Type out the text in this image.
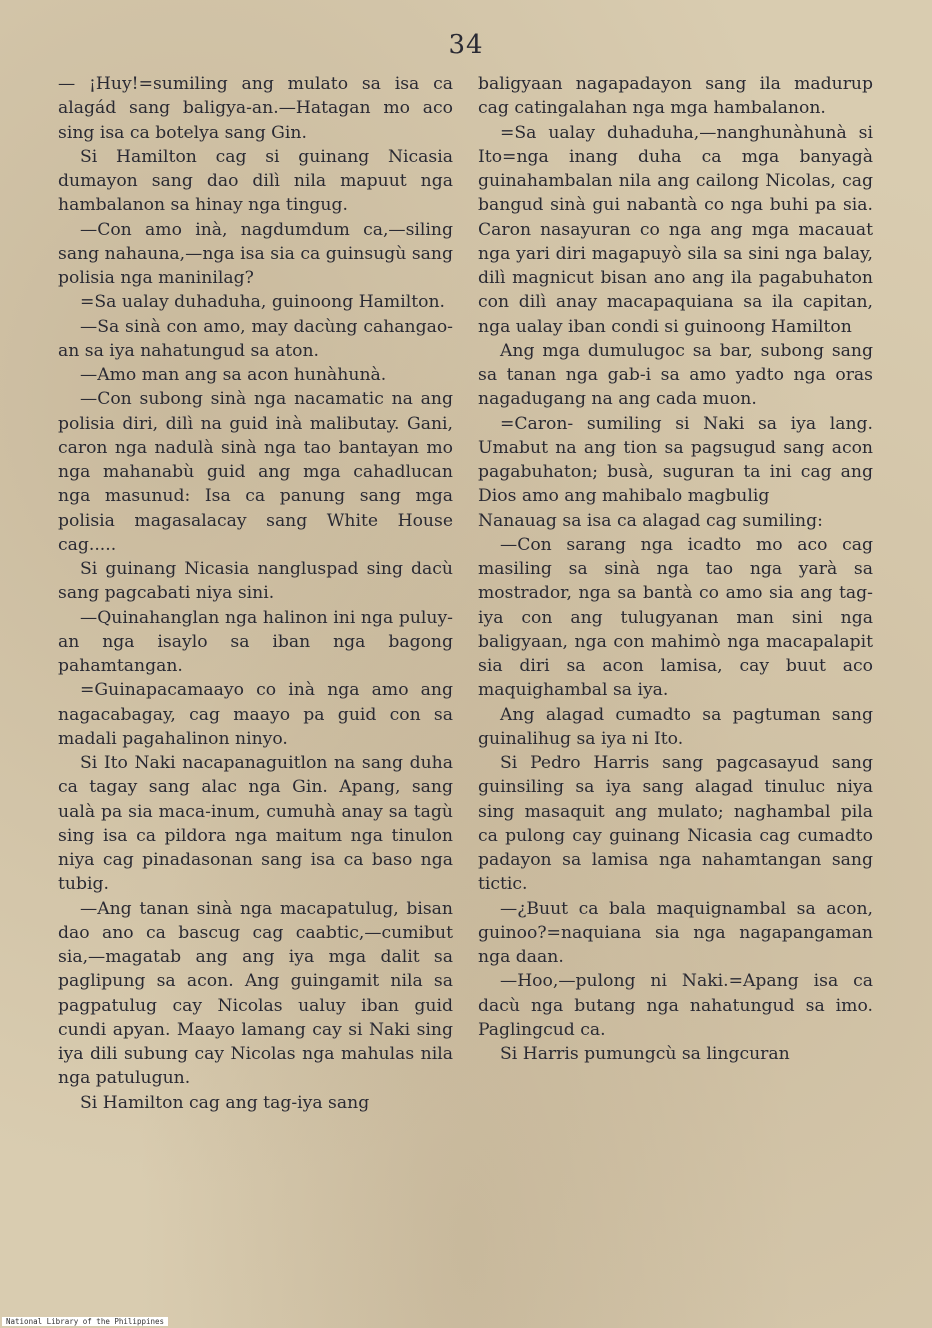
34

— ¡Huy!=sumiling ang mulato sa isa ca alagád sang baligya-an.—Hatagan mo aco sing isa ca botelya sang Gin.

Si Hamilton cag si guinang Nicasia dumayon sang dao dilì nila mapuut nga hambalanon sa hinay nga tingug.

—Con amo inà, nagdumdum ca,—siling sang nahauna,—nga isa sia ca guinsugù sang polisia nga maninilag?

=Sa ualay duhaduha, guinoong Hamilton.

—Sa sinà con amo, may dacùng cahangao-an sa iya nahatungud sa aton.

—Amo man ang sa acon hunàhunà.

—Con subong sinà nga nacamatic na ang polisia diri, dilì na guid inà malibutay. Gani, caron nga nadulà sinà nga tao bantayan mo nga mahanabù guid ang mga cahadlucan nga masunud: Isa ca panung sang mga polisia magasalacay sang White House cag.....

Si guinang Nicasia nangluspad sing dacù sang pagcabati niya sini.

—Quinahanglan nga halinon ini nga puluy-an nga isaylo sa iban nga bagong pahamtangan.

=Guinapacamaayo co inà nga amo ang nagacabagay, cag maayo pa guid con sa madali pagahalinon ninyo.

Si Ito Naki nacapanaguitlon na sang duha ca tagay sang alac nga Gin. Apang, sang ualà pa sia maca-inum, cumuhà anay sa tagù sing isa ca pildora nga maitum nga tinulon niya cag pinadasonan sang isa ca baso nga tubig.

—Ang tanan sinà nga macapatulug, bisan dao ano ca bascug cag caabtic,—cumibut sia,—magatab ang ang iya mga dalit sa paglipung sa acon. Ang guingamit nila sa pagpatulug cay Nicolas ualuy iban guid cundi apyan. Maayo lamang cay si Naki sing iya dili subung cay Nicolas nga mahulas nila nga patulugun.

Si Hamilton cag ang tag-iya sang

baligyaan nagapadayon sang ila madurup cag catingalahan nga mga hambalanon.

=Sa ualay duhaduha,—nanghunàhunà si Ito=nga inang duha ca mga banyagà guinahambalan nila ang cailong Nicolas, cag bangud sinà gui nabantà co nga buhi pa sia. Caron nasayuran co nga ang mga macauat nga yari diri magapuyò sila sa sini nga balay, dilì magnicut bisan ano ang ila pagabuhaton con dilì anay macapaquiana sa ila capitan, nga ualay iban condi si guinoong Hamilton

Ang mga dumulugoc sa bar, subong sang sa tanan nga gab-i sa amo yadto nga oras nagadugang na ang cada muon.

=Caron- sumiling si Naki sa iya lang. Umabut na ang tion sa pagsugud sang acon pagabuhaton; busà, suguran ta ini cag ang Dios amo ang mahibalo magbulig

Nanauag sa isa ca alagad cag sumiling:

—Con sarang nga icadto mo aco cag masiling sa sinà nga tao nga yarà sa mostrador, nga sa bantà co amo sia ang tag-iya con ang tulugyanan man sini nga baligyaan, nga con mahimò nga macapalapit sia diri sa acon lamisa, cay buut aco maquighambal sa iya.

Ang alagad cumadto sa pagtuman sang guinalihug sa iya ni Ito.

Si Pedro Harris sang pagcasayud sang guinsiling sa iya sang alagad tinuluc niya sing masaquit ang mulato; naghambal pila ca pulong cay guinang Nicasia cag cumadto padayon sa lamisa nga nahamtangan sang tictic.

—¿Buut ca bala maquignambal sa acon, guinoo?=naquiana sia nga nagapangaman nga daan.

—Hoo,—pulong ni Naki.=Apang isa ca dacù nga butang nga nahatungud sa imo. Paglingcud ca.

Si Harris pumungcù sa lingcuran

National Library of the Philippines
